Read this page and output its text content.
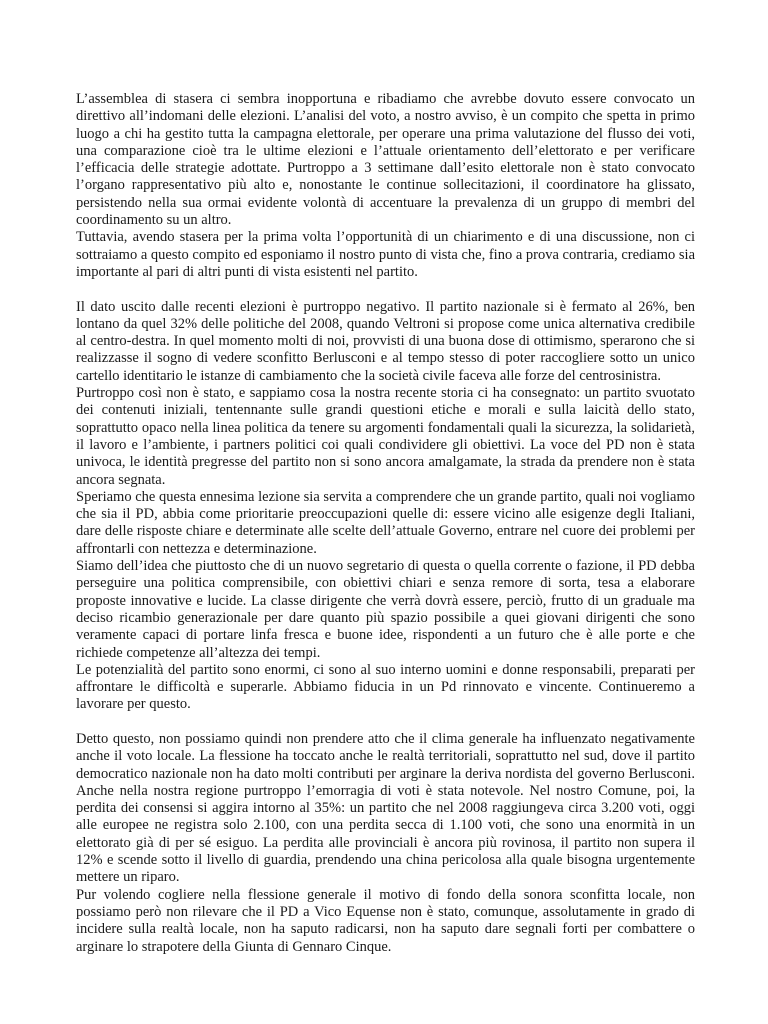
L’assemblea di stasera ci sembra inopportuna e ribadiamo che avrebbe dovuto essere convocato un direttivo all’indomani delle elezioni. L’analisi del voto, a nostro avviso, è un compito che spetta in primo luogo a chi ha gestito tutta la campagna elettorale, per operare una prima valutazione del flusso dei voti, una comparazione cioè tra le ultime elezioni e l’attuale orientamento dell’elettorato e per verificare l’efficacia delle strategie adottate. Purtroppo a 3 settimane dall’esito elettorale non è stato convocato l’organo rappresentativo più alto e, nonostante le continue sollecitazioni, il coordinatore ha glissato, persistendo nella sua ormai evidente volontà di accentuare la prevalenza di un gruppo di membri del coordinamento su un altro.

Tuttavia, avendo stasera per la prima volta l’opportunità di un chiarimento e di una discussione, non ci sottraiamo a questo compito ed esponiamo il nostro punto di vista che, fino a prova contraria, crediamo sia importante al pari di altri punti di vista esistenti nel partito.

Il dato uscito dalle recenti elezioni è purtroppo negativo. Il partito nazionale si è fermato al 26%, ben lontano da quel 32% delle politiche del 2008, quando Veltroni si propose come unica alternativa credibile al centro-destra. In quel momento molti di noi, provvisti di una buona dose di ottimismo, sperarono che si realizzasse il sogno di vedere sconfitto Berlusconi e al tempo stesso di poter raccogliere sotto un unico cartello identitario le istanze di cambiamento che la società civile faceva alle forze del centrosinistra.

Purtroppo così non è stato, e sappiamo cosa la nostra recente storia ci ha consegnato: un partito svuotato dei contenuti iniziali, tentennante sulle grandi questioni etiche e morali e sulla laicità dello stato, soprattutto opaco nella linea politica da tenere su argomenti fondamentali quali la sicurezza, la solidarietà, il lavoro e l’ambiente, i partners politici coi quali condividere gli obiettivi. La voce del PD non è stata univoca, le identità pregresse del partito non si sono ancora amalgamate, la strada da prendere non è stata ancora segnata.

Speriamo che questa ennesima lezione sia servita a comprendere che un grande partito, quali noi vogliamo che sia il PD, abbia come prioritarie preoccupazioni quelle di: essere vicino alle esigenze degli Italiani, dare delle risposte chiare e determinate alle scelte dell’attuale Governo, entrare nel cuore dei problemi per affrontarli con nettezza e determinazione.

Siamo dell’idea che piuttosto che di un nuovo segretario di questa o quella corrente o fazione, il PD debba perseguire una politica comprensibile, con obiettivi chiari e senza remore di sorta, tesa a elaborare proposte innovative e lucide. La classe dirigente che verrà dovrà essere, perciò, frutto di un graduale ma deciso ricambio generazionale per dare quanto più spazio possibile a quei giovani dirigenti che sono veramente capaci di portare linfa fresca e buone idee, rispondenti a un futuro che è alle porte e che richiede competenze all’altezza dei tempi.

Le potenzialità del partito sono enormi, ci sono al suo interno uomini e donne responsabili, preparati per affrontare le difficoltà e superarle. Abbiamo fiducia in un Pd rinnovato e vincente. Continueremo a lavorare per questo.

Detto questo, non possiamo quindi non prendere atto che il clima generale ha influenzato negativamente anche il voto locale. La flessione ha toccato anche le realtà territoriali, soprattutto nel sud, dove il partito democratico nazionale non ha dato molti contributi per arginare la deriva nordista del governo Berlusconi. Anche nella nostra regione purtroppo l’emorragia di voti è stata notevole. Nel nostro Comune, poi, la perdita dei consensi si aggira intorno al 35%: un partito che nel 2008 raggiungeva circa 3.200 voti, oggi alle europee ne registra solo 2.100, con una perdita secca di 1.100 voti, che sono una enormità in un elettorato già di per sé esiguo. La perdita alle provinciali è ancora più rovinosa, il partito non supera il 12% e scende sotto il livello di guardia, prendendo una china pericolosa alla quale bisogna urgentemente mettere un riparo.

Pur volendo cogliere nella flessione generale il motivo di fondo della sonora sconfitta locale, non possiamo però non rilevare che il PD a Vico Equense non è stato, comunque, assolutamente in grado di incidere sulla realtà locale, non ha saputo radicarsi, non ha saputo dare segnali forti per combattere o arginare lo strapotere della Giunta di Gennaro Cinque.
